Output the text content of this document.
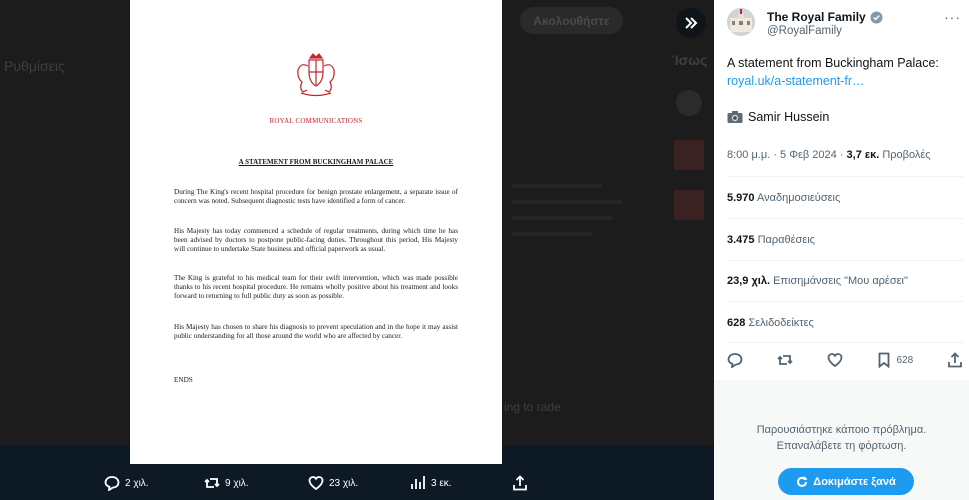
Ρυθμίσεις
Ακολουθήστε
Ίσως
ing to rade
ROYAL COMMUNICATIONS
A STATEMENT FROM BUCKINGHAM PALACE
During The King's recent hospital procedure for benign prostate enlargement, a separate issue of concern was noted. Subsequent diagnostic tests have identified a form of cancer.
His Majesty has today commenced a schedule of regular treatments, during which time he has been advised by doctors to postpone public-facing duties. Throughout this period, His Majesty will continue to undertake State business and official paperwork as usual.
The King is grateful to his medical team for their swift intervention, which was made possible thanks to his recent hospital procedure. He remains wholly positive about his treatment and looks forward to returning to full public duty as soon as possible.
His Majesty has chosen to share his diagnosis to prevent speculation and in the hope it may assist public understanding for all those around the world who are affected by cancer.
ENDS
2 χιλ.	9 χιλ.	23 χιλ.	3 εκ.
The Royal Family
@RoyalFamily
···
A statement from Buckingham Palace:
royal.uk/a-statement-fr…
Samir Hussein
8:00 μ.μ. · 5 Φεβ 2024 · 3,7 εκ. Προβολές
5.970 Αναδημοσιεύσεις
3.475 Παραθέσεις
23,9 χιλ. Επισημάνσεις "Μου αρέσει"
628 Σελιδοδείκτες
628
Παρουσιάστηκε κάποιο πρόβλημα.
Επαναλάβετε τη φόρτωση.
Δοκιμάστε ξανά
